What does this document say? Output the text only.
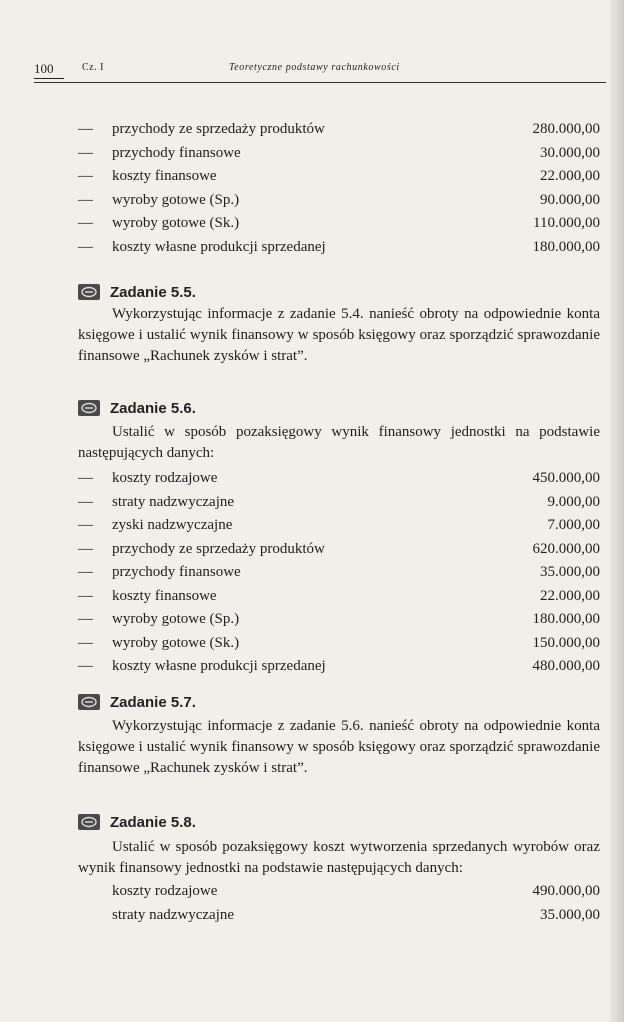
100	Cz. I	Teoretyczne podstawy rachunkowości
— przychody ze sprzedaży produktów	280.000,00
— przychody finansowe	30.000,00
— koszty finansowe	22.000,00
— wyroby gotowe (Sp.)	90.000,00
— wyroby gotowe (Sk.)	110.000,00
— koszty własne produkcji sprzedanej	180.000,00
Zadanie 5.5.

Wykorzystując informacje z zadanie 5.4. nanieść obroty na odpowiednie konta księgowe i ustalić wynik finansowy w sposób księgowy oraz sporządzić sprawozdanie finansowe „Rachunek zysków i strat”.

Zadanie 5.6.

Ustalić w sposób pozaksięgowy wynik finansowy jednostki na podstawie następujących danych:

— koszty rodzajowe	450.000,00
— straty nadzwyczajne	9.000,00
— zyski nadzwyczajne	7.000,00
— przychody ze sprzedaży produktów	620.000,00
— przychody finansowe	35.000,00
— koszty finansowe	22.000,00
— wyroby gotowe (Sp.)	180.000,00
— wyroby gotowe (Sk.)	150.000,00
— koszty własne produkcji sprzedanej	480.000,00
Zadanie 5.7.

Wykorzystując informacje z zadanie 5.6. nanieść obroty na odpowiednie konta księgowe i ustalić wynik finansowy w sposób księgowy oraz sporządzić sprawozdanie finansowe „Rachunek zysków i strat”.

Zadanie 5.8.

Ustalić w sposób pozaksięgowy koszt wytworzenia sprzedanych wyrobów oraz wynik finansowy jednostki na podstawie następujących danych:

koszty rodzajowe	490.000,00
straty nadzwyczajne	35.000,00
